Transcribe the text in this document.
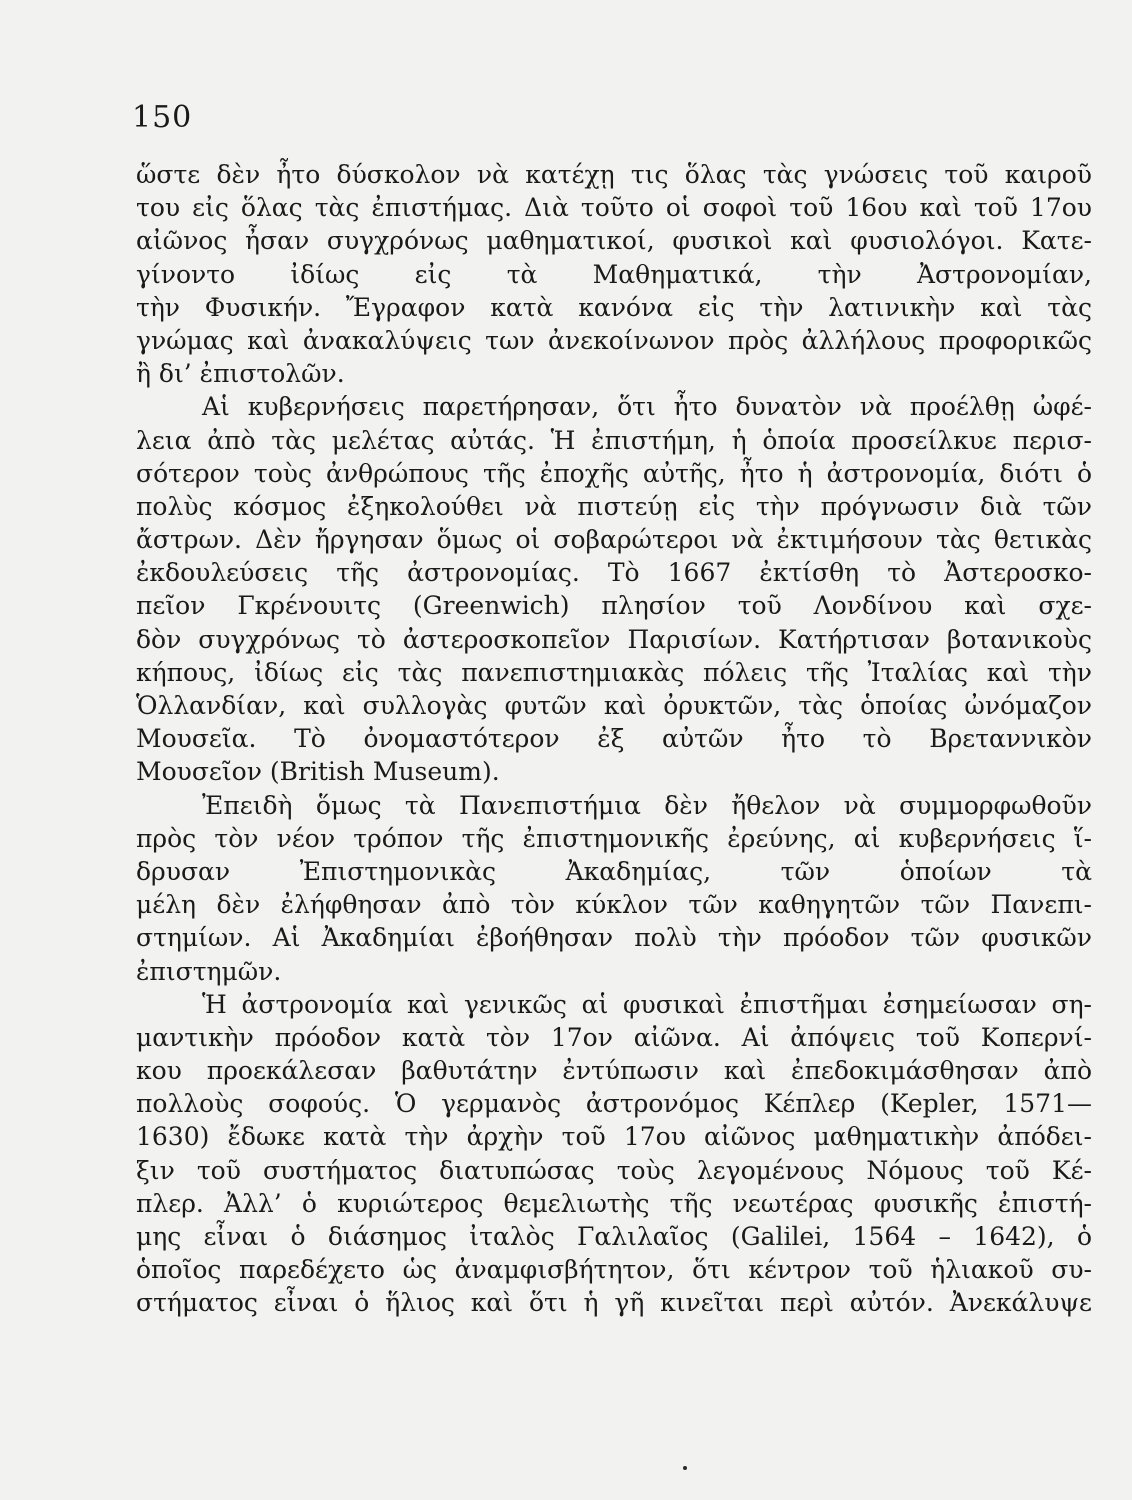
150
ὥστε δὲν ἦτο δύσκολον νὰ κατέχῃ τις ὅλας τὰς γνώσεις τοῦ καιροῦ
του εἰς ὅλας τὰς ἐπιστήμας. Διὰ τοῦτο οἱ σοφοὶ τοῦ 16ου καὶ τοῦ 17ου
αἰῶνος ἦσαν συγχρόνως μαθηματικοί, φυσικοὶ καὶ φυσιολόγοι. Κατε-
γίνοντο ἰδίως εἰς τὰ Μαθηματικά, τὴν Ἀστρονομίαν,
τὴν Φυσικήν. Ἔγραφον κατὰ κανόνα εἰς τὴν λατινικὴν καὶ τὰς
γνώμας καὶ ἀνακαλύψεις των ἀνεκοίνωνον πρὸς ἀλλήλους προφορικῶς
ἢ δι’ ἐπιστολῶν.
Αἱ κυβερνήσεις παρετήρησαν, ὅτι ἦτο δυνατὸν νὰ προέλθῃ ὠφέ-
λεια ἀπὸ τὰς μελέτας αὐτάς. Ἡ ἐπιστήμη, ἡ ὁποία προσείλκυε περισ-
σότερον τοὺς ἀνθρώπους τῆς ἐποχῆς αὐτῆς, ἦτο ἡ ἀστρονομία, διότι ὁ
πολὺς κόσμος ἐξηκολούθει νὰ πιστεύῃ εἰς τὴν πρόγνωσιν διὰ τῶν
ἄστρων. Δὲν ἤργησαν ὅμως οἱ σοβαρώτεροι νὰ ἐκτιμήσουν τὰς θετικὰς
ἐκδουλεύσεις τῆς ἀστρονομίας. Τὸ 1667 ἐκτίσθη τὸ Ἀστεροσκο-
πεῖον Γκρένουιτς (Greenwich) πλησίον τοῦ Λονδίνου καὶ σχε-
δὸν συγχρόνως τὸ ἀστεροσκοπεῖον Παρισίων. Κατήρτισαν βοτανικοὺς
κήπους, ἰδίως εἰς τὰς πανεπιστημιακὰς πόλεις τῆς Ἰταλίας καὶ τὴν
Ὁλλανδίαν, καὶ συλλογὰς φυτῶν καὶ ὀρυκτῶν, τὰς ὁποίας ὠνόμαζον
Μουσεῖα. Τὸ ὀνομαστότερον ἐξ αὐτῶν ἦτο τὸ Βρεταννικὸν
Μουσεῖον (British Museum).
Ἐπειδὴ ὅμως τὰ Πανεπιστήμια δὲν ἤθελον νὰ συμμορφωθοῦν
πρὸς τὸν νέον τρόπον τῆς ἐπιστημονικῆς ἐρεύνης, αἱ κυβερνήσεις ἵ-
δρυσαν Ἐπιστημονικὰς Ἀκαδημίας, τῶν ὁποίων τὰ
μέλη δὲν ἐλήφθησαν ἀπὸ τὸν κύκλον τῶν καθηγητῶν τῶν Πανεπι-
στημίων. Αἱ Ἀκαδημίαι ἐβοήθησαν πολὺ τὴν πρόοδον τῶν φυσικῶν
ἐπιστημῶν.
Ἡ ἀστρονομία καὶ γενικῶς αἱ φυσικαὶ ἐπιστῆμαι ἐσημείωσαν ση-
μαντικὴν πρόοδον κατὰ τὸν 17ον αἰῶνα. Αἱ ἀπόψεις τοῦ Κοπερνί-
κου προεκάλεσαν βαθυτάτην ἐντύπωσιν καὶ ἐπεδοκιμάσθησαν ἀπὸ
πολλοὺς σοφούς. Ὁ γερμανὸς ἀστρονόμος Κέπλερ (Kepler, 1571—
1630) ἔδωκε κατὰ τὴν ἀρχὴν τοῦ 17ου αἰῶνος μαθηματικὴν ἀπόδει-
ξιν τοῦ συστήματος διατυπώσας τοὺς λεγομένους Νόμους τοῦ Κέ-
πλερ. Ἀλλ’ ὁ κυριώτερος θεμελιωτὴς τῆς νεωτέρας φυσικῆς ἐπιστή-
μης εἶναι ὁ διάσημος ἰταλὸς Γαλιλαῖος (Galilei, 1564 – 1642), ὁ
ὁποῖος παρεδέχετο ὡς ἀναμφισβήτητον, ὅτι κέντρον τοῦ ἡλιακοῦ συ-
στήματος εἶναι ὁ ἥλιος καὶ ὅτι ἡ γῆ κινεῖται περὶ αὐτόν. Ἀνεκάλυψε
